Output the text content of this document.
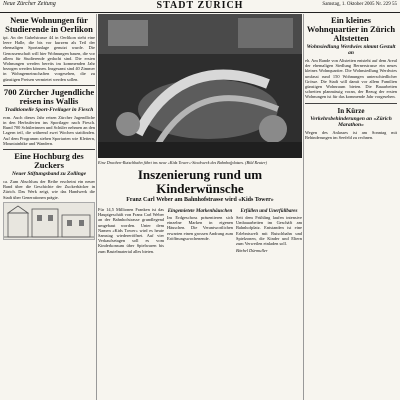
Neue Zürcher Zeitung	STADT ZÜRICH	Samstag, 1. Oktober 2005 Nr. 229 55
Neue Wohnungen für Studierende in Oerlikon
ipi. An der Gubelstrasse 44 in Oerlikon steht eine leere Halle, die bis vor kurzem als Teil der ehemaligen Sportanlage genutzt wurde. Die Genossenschaft will hier Wohnungen bauen, die vor allem für Studierende gedacht sind. Die ersten Wohnungen werden bereits im kommenden Jahr bezogen werden können. Insgesamt sind 40 Zimmer in Wohngemeinschaften vorgesehen, die zu günstigen Preisen vermietet werden sollen.
700 Zürcher Jugendliche reisen ins Wallis
Traditionelle Sport-Freilager in Fiesch
ecm. Auch dieses Jahr reisen Zürcher Jugendliche in den Herbstferien ins Sportlager nach Fiesch. Rund 700 Schülerinnen und Schüler nehmen an den Lagern teil, die während zwei Wochen stattfinden. Auf dem Programm stehen Sportarten wie Klettern, Mountainbike und Wandern.
Eine Hochburg des Zuckers
Neuer Stiftungsband zu Zollinge
ca. Zum Abschluss der Reihe erscheint ein neuer Band über die Geschichte der Zuckerbäcker in Zürich. Das Werk zeigt, wie das Handwerk die Stadt über Generationen prägte.
Eine Drachen-Rutschbahn führt ins neue «Kids Tower»-Stockwerk des Bahnhofplatzes. (Bild Reuter)
Inszenierung rund um Kinderwünsche
Franz Carl Weber am Bahnhofstrasse wird «Kids Tower»
Für 14,5 Millionen Franken ist das Hauptgeschäft von Franz Carl Weber an der Bahnhofstrasse grundlegend umgebaut worden. Unter dem Namen «Kids Tower» wird es heute Samstag wiedereröffnet. Auf vier Verkaufsetagen soll es vom Kinderkonsum über Spielwaren bis zum Bastelmaterial alles bieten.
Eingemietete Markenhäuschen
Im Erdgeschoss präsentieren sich einzelne Marken in eigenen Häuschen. Die Verantwortlichen erwarten einen grossen Andrang zum Eröffnungswochenende.
Erfüllen und Unerfüllbares
Seit dem Frühling laufen intensive Umbauarbeiten im Geschäft am Bahnhofplatz. Entstanden ist eine Erlebniswelt mit Rutschbahn und Spielzonen, die Kinder und Eltern zum Verweilen einladen soll.
Bärbel Dürmuller
Ein kleines Wohnquartier in Zürich Altstetten
Wohnsiedlung Werdwies nimmt Gestalt an
eh. Am Rande von Altstetten entsteht auf dem Areal der ehemaligen Siedlung Bernerstrasse ein neues kleines Wohnquartier. Die Wohnsiedlung Werdwies umfasst rund 150 Wohnungen unterschiedlicher Grösse. Die Stadt will damit vor allem Familien günstigen Wohnraum bieten. Die Bauarbeiten schreiten planmässig voran, der Bezug der ersten Wohnungen ist für das kommende Jahr vorgesehen.
In Kürze
Verkehrsbehinderungen an «Zürich Marathon»
Wegen des Anlasses ist am Sonntag mit Behinderungen im Seefeld zu rechnen.
